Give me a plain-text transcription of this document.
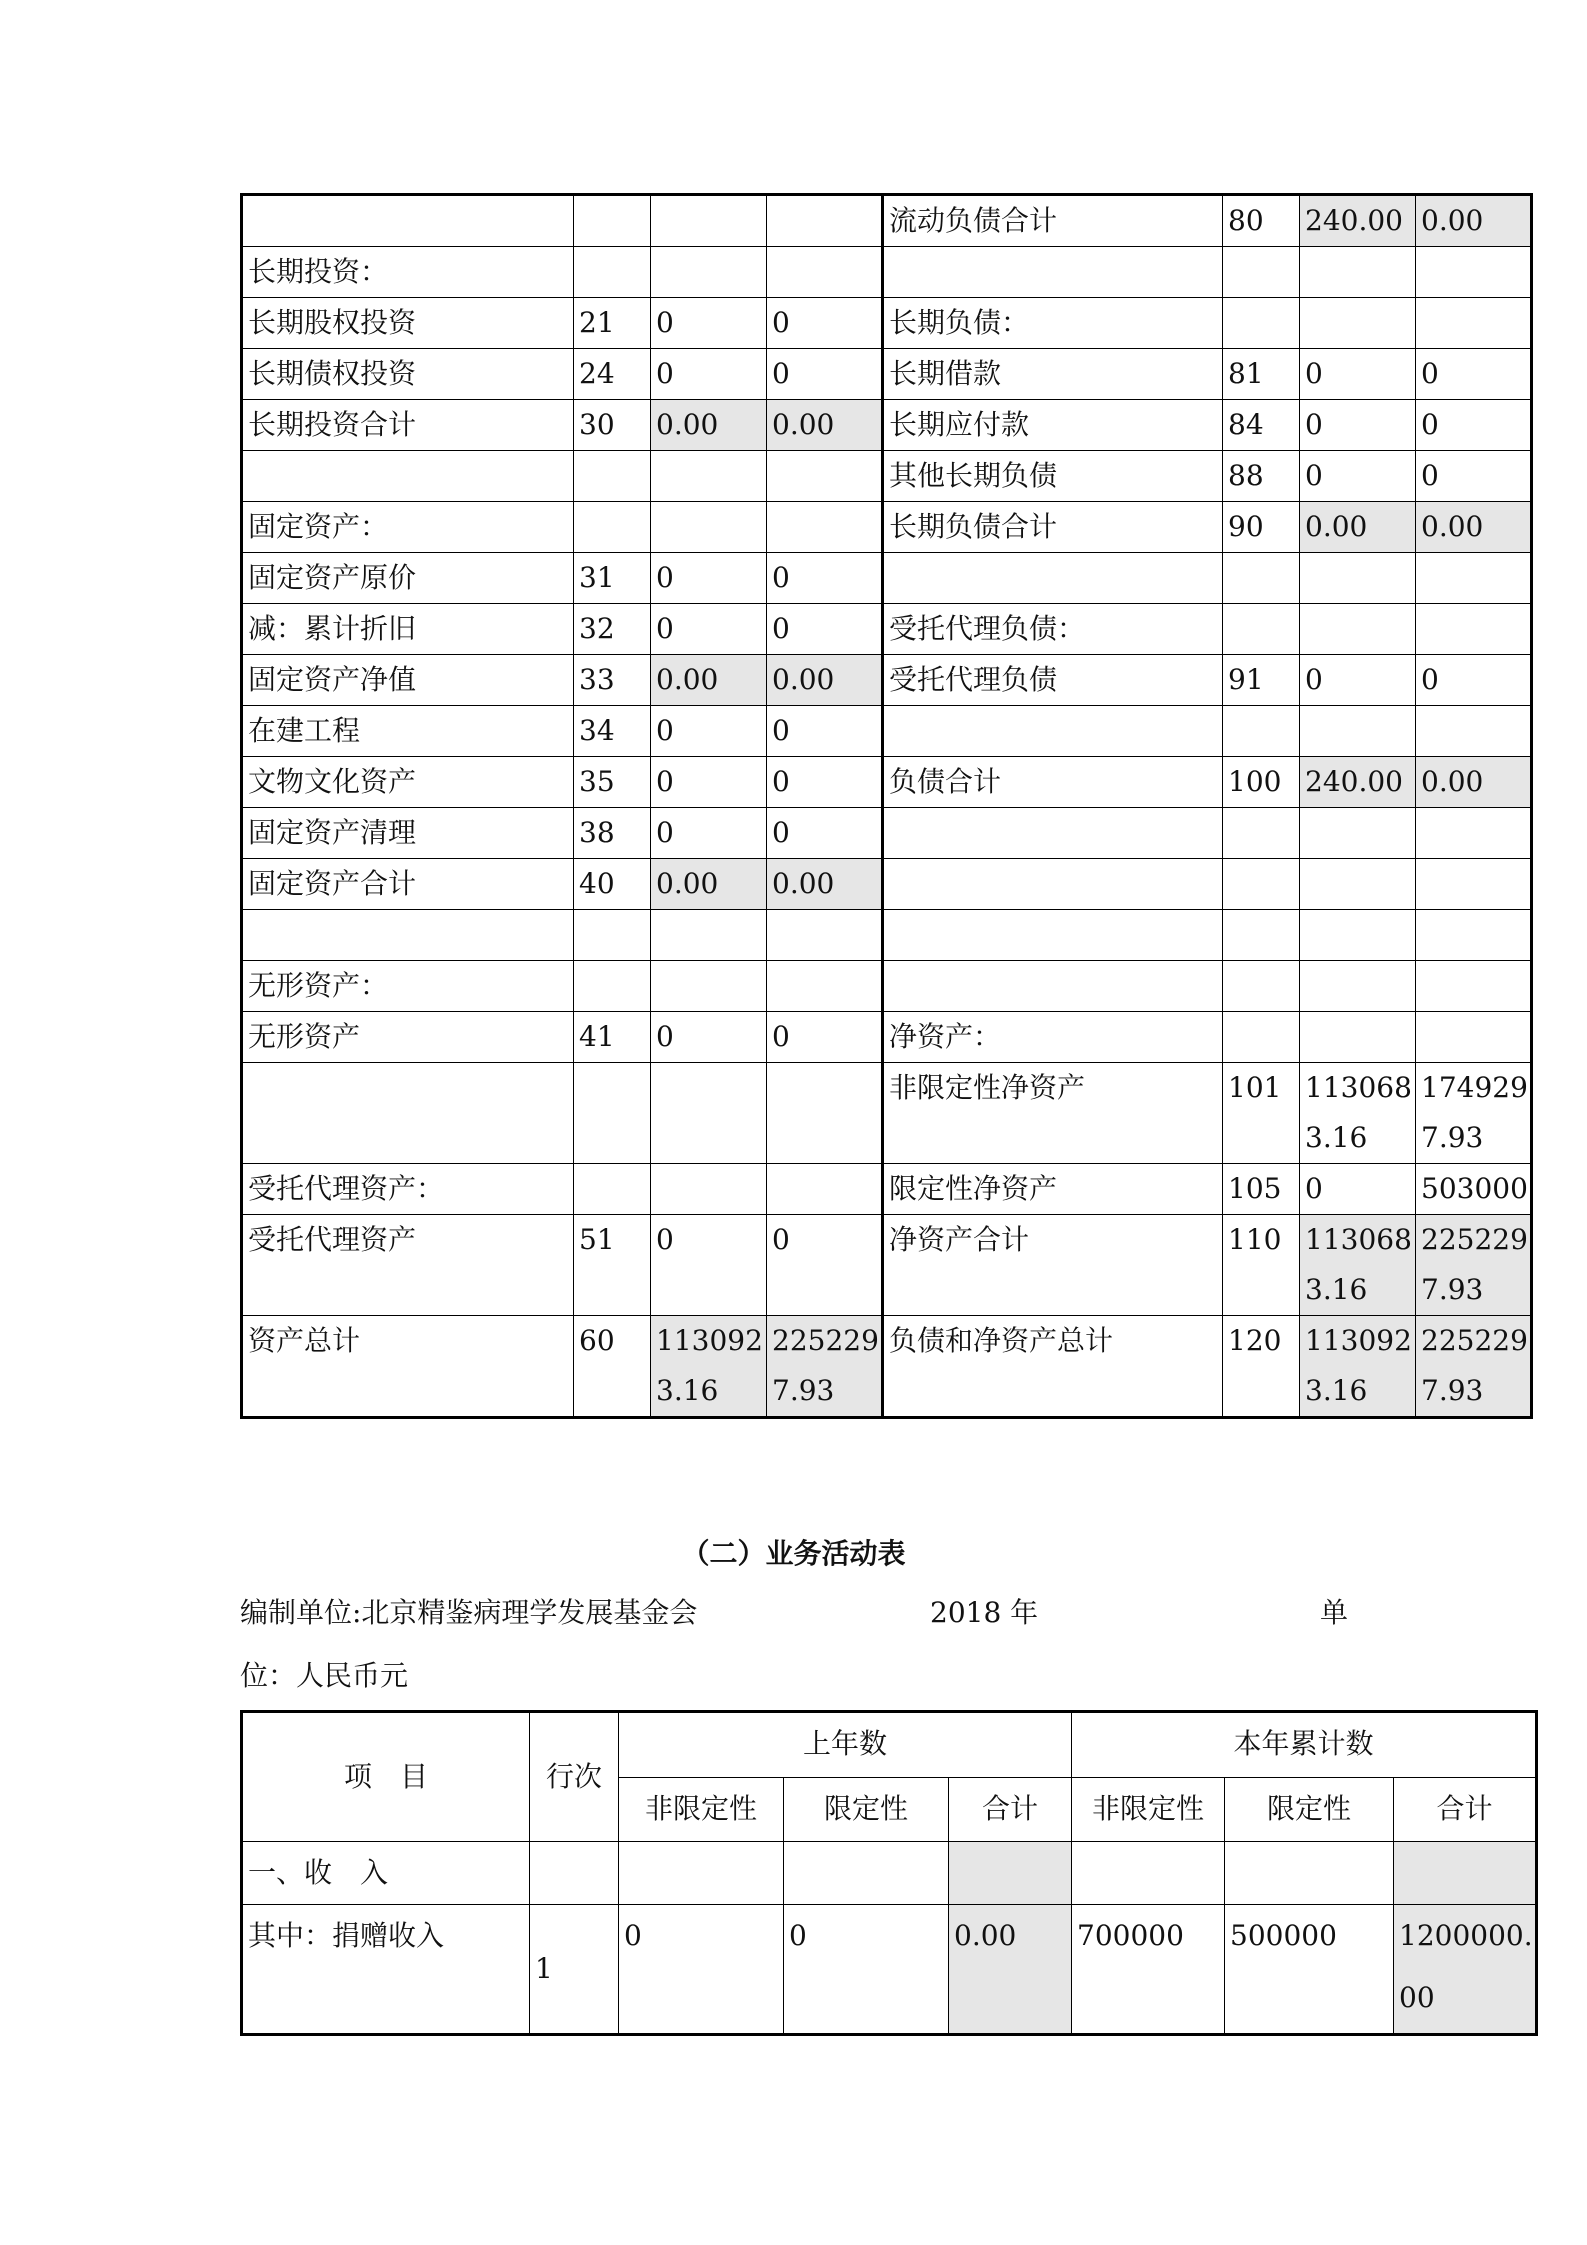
				流动负债合计	80	240.00	0.00
长期投资：							
长期股权投资	21	0	0	长期负债：			
长期债权投资	24	0	0	长期借款	81	0	0
长期投资合计	30	0.00	0.00	长期应付款	84	0	0
				其他长期负债	88	0	0
固定资产：				长期负债合计	90	0.00	0.00
固定资产原价	31	0	0				
减：累计折旧	32	0	0	受托代理负债：			
固定资产净值	33	0.00	0.00	受托代理负债	91	0	0
在建工程	34	0	0				
文物文化资产	35	0	0	负债合计	100	240.00	0.00
固定资产清理	38	0	0				
固定资产合计	40	0.00	0.00				

无形资产：							
无形资产	41	0	0	净资产：			
				非限定性净资产	101	1130683.16	1749297.93
受托代理资产：				限定性净资产	105	0	503000
受托代理资产	51	0	0	净资产合计	110	1130683.16	2252297.93
资产总计	60	1130923.16	2252297.93	负债和净资产总计	120	1130923.16	2252297.93
（二）业务活动表
编制单位:北京精鉴病理学发展基金会	2018 年	单
位：人民币元
项　目	行次	上年数			本年累计数		
		非限定性	限定性	合计	非限定性	限定性	合计
一、收　入							
其中：捐赠收入	1	0	0	0.00	700000	500000	1200000.00
